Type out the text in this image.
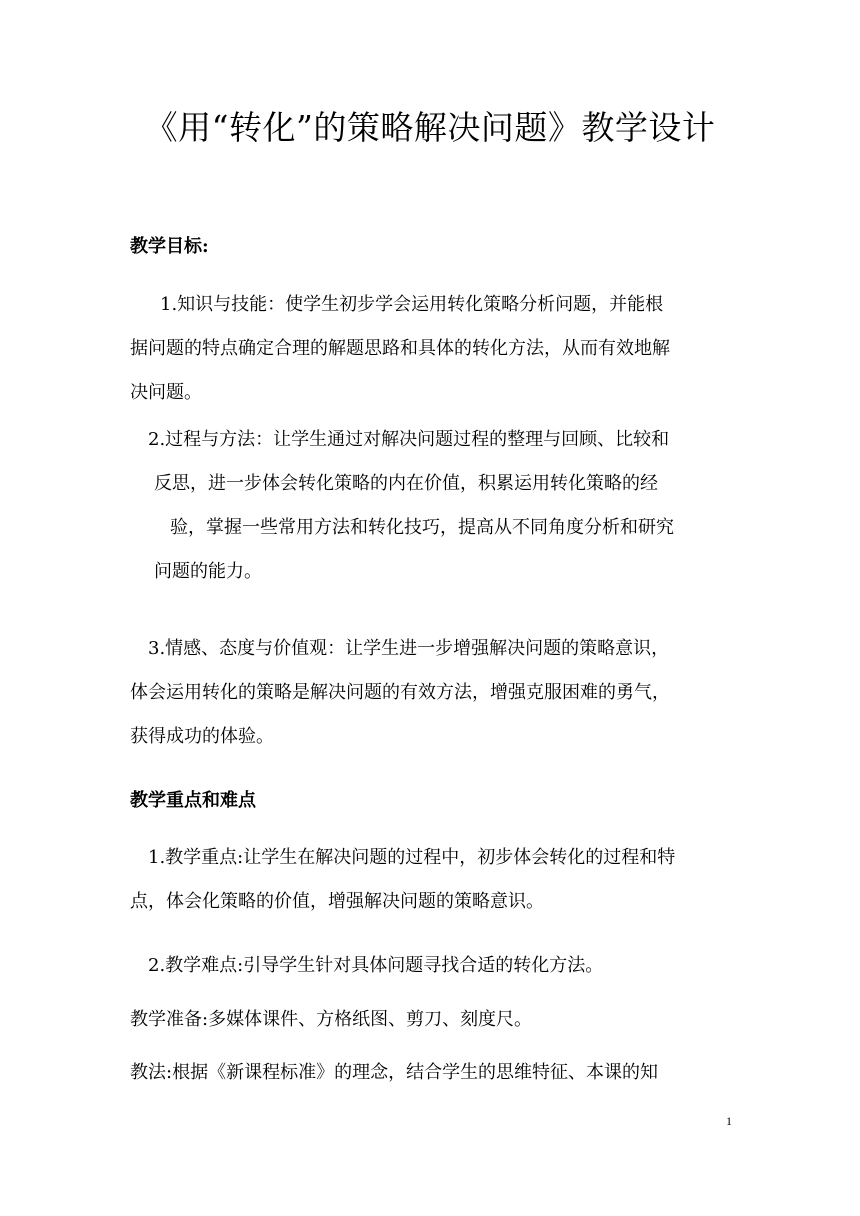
《用“转化”的策略解决问题》教学设计
教学目标:
1.知识与技能：使学生初步学会运用转化策略分析问题，并能根
据问题的特点确定合理的解题思路和具体的转化方法，从而有效地解
决问题。
2.过程与方法：让学生通过对解决问题过程的整理与回顾、比较和
反思，进一步体会转化策略的内在价值，积累运用转化策略的经
验，掌握一些常用方法和转化技巧，提高从不同角度分析和研究
问题的能力。
3.情感、态度与价值观：让学生进一步增强解决问题的策略意识，
体会运用转化的策略是解决问题的有效方法，增强克服困难的勇气，
获得成功的体验。
教学重点和难点
1.教学重点:让学生在解决问题的过程中，初步体会转化的过程和特
点，体会化策略的价值，增强解决问题的策略意识。
2.教学难点:引导学生针对具体问题寻找合适的转化方法。
教学准备:多媒体课件、方格纸图、剪刀、刻度尺。
教法:根据《新课程标准》的理念，结合学生的思维特征、本课的知
1
